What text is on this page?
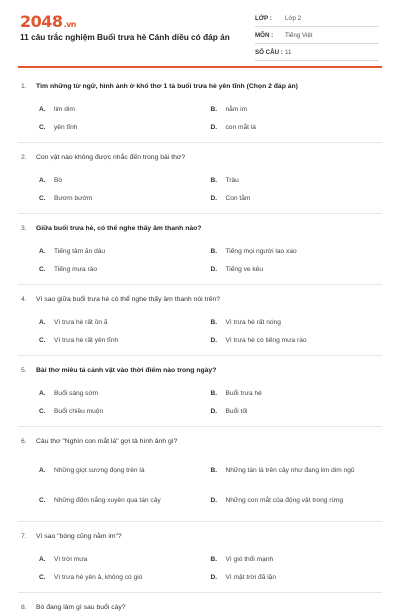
2048.vn
11 câu trắc nghiệm Buổi trưa hè Cánh diều có đáp án
LỚP :	Lớp 2
MÔN :	Tiếng Việt
SỐ CÂU : 11
1.	Tìm những từ ngữ, hình ảnh ở khổ thơ 1 tả buổi trưa hè yên tĩnh (Chọn 2 đáp án)
A.	lim dim	B.	nằm im
C.	yên tĩnh	D.	con mắt lá
2.	Con vật nào không được nhắc đến trong bài thơ?
A.	Bò	B.	Trâu
C.	Bươm bướm	D.	Con tằm
3.	Giữa buổi trưa hè, có thể nghe thấy âm thanh nào?
A.	Tiếng tâm ăn dâu	B.	Tiếng mọi người lao xao
C.	Tiếng mưa rào	D.	Tiếng ve kêu
4.	Vì sao giữa buổi trưa hè có thể nghe thấy âm thanh nói trên?
A.	Vì trưa hè rất ồn ã	B.	Vì trưa hè rất nóng
C.	Vì trưa hè rất yên tĩnh	D.	Vì trưa hè có tiếng mưa rào
5.	Bài thơ miêu tả cảnh vật vào thời điểm nào trong ngày?
A.	Buổi sáng sớm	B.	Buổi trưa hè
C.	Buổi chiều muộn	D.	Buổi tối
6.	Câu thơ "Nghìn con mắt lá" gợi tả hình ảnh gì?
A.	Những giọt sương đọng trên lá	B.	Những tán lá trên cây như đang lim dim ngủ
C.	Những đốm nắng xuyên qua tán cây	D.	Những con mắt của động vật trong rừng
7.	Vì sao "bóng cũng nằm im"?
A.	Vì trời mưa	B.	Vì gió thổi mạnh
C.	Vì trưa hè yên ả, không có gió	D.	Vì mặt trời đã lặn
8.	Bò đang làm gì sau buổi cày?
